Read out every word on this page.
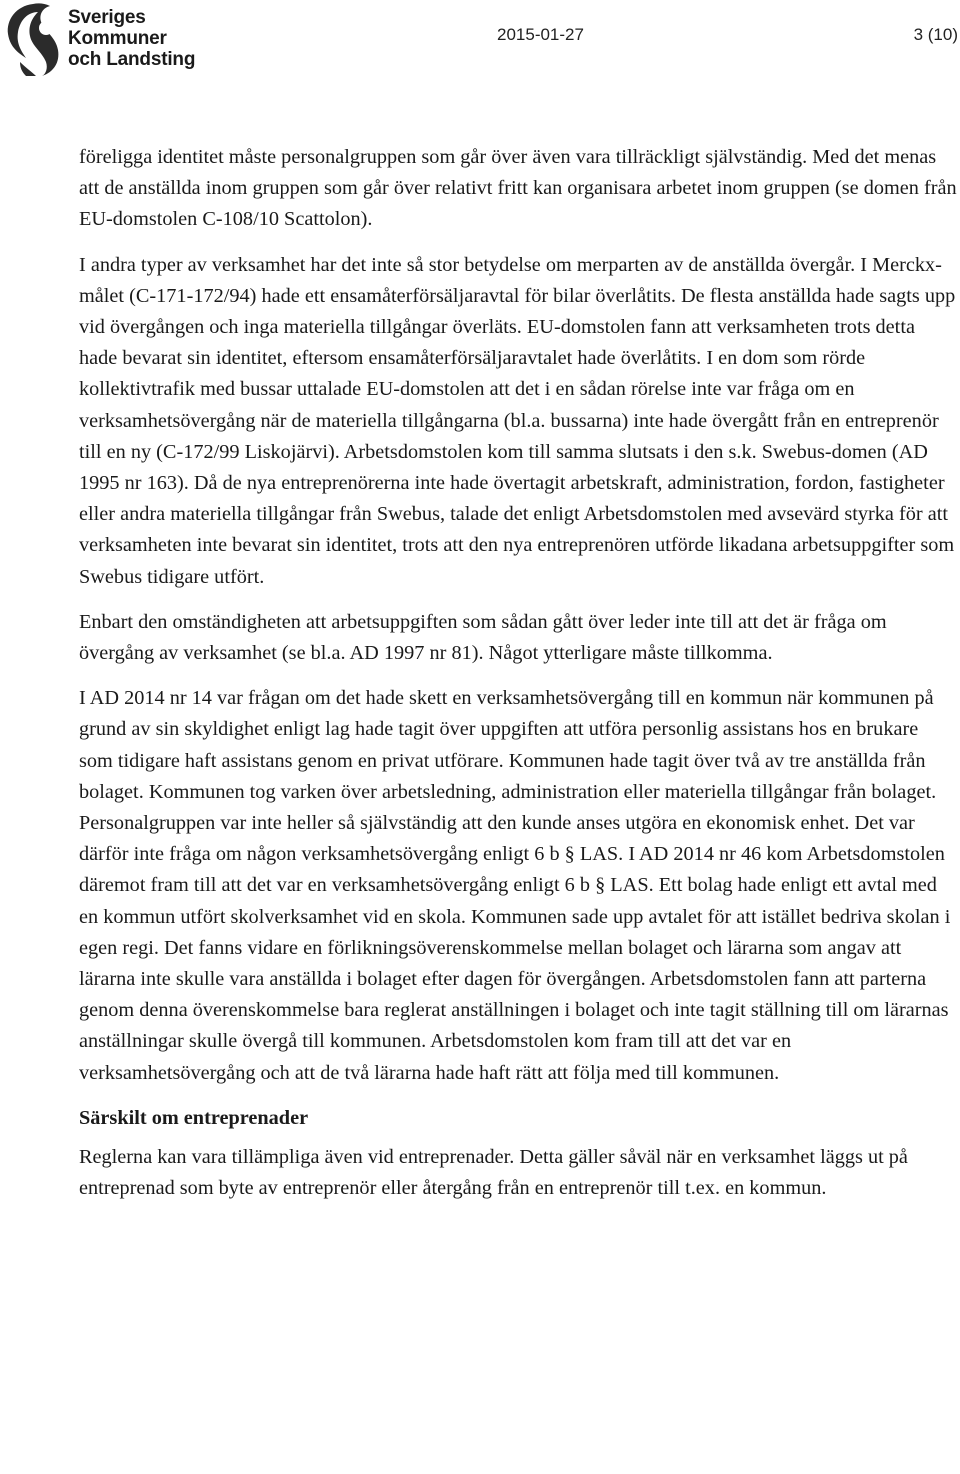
Sveriges
Kommuner
och Landsting
2015-01-27	3 (10)

föreligga identitet måste personalgruppen som går över även vara tillräckligt självständig. Med det menas att de anställda inom gruppen som går över relativt fritt kan organisara arbetet inom gruppen (se domen från EU-domstolen C-108/10 Scattolon).

I andra typer av verksamhet har det inte så stor betydelse om merparten av de anställda övergår. I Merckx-målet (C-171-172/94) hade ett ensamåterförsäljaravtal för bilar överlåtits. De flesta anställda hade sagts upp vid övergången och inga materiella tillgångar överläts. EU-domstolen fann att verksamheten trots detta hade bevarat sin identitet, eftersom ensamåterförsäljaravtalet hade överlåtits. I en dom som rörde kollektivtrafik med bussar uttalade EU-domstolen att det i en sådan rörelse inte var fråga om en verksamhetsövergång när de materiella tillgångarna (bl.a. bussarna) inte hade övergått från en entreprenör till en ny (C-172/99 Liskojärvi). Arbetsdomstolen kom till samma slutsats i den s.k. Swebus-domen (AD 1995 nr 163). Då de nya entreprenörerna inte hade övertagit arbetskraft, administration, fordon, fastigheter eller andra materiella tillgångar från Swebus, talade det enligt Arbetsdomstolen med avsevärd styrka för att verksamheten inte bevarat sin identitet, trots att den nya entreprenören utförde likadana arbetsuppgifter som Swebus tidigare utfört.

Enbart den omständigheten att arbetsuppgiften som sådan gått över leder inte till att det är fråga om övergång av verksamhet (se bl.a. AD 1997 nr 81). Något ytterligare måste tillkomma.

I AD 2014 nr 14 var frågan om det hade skett en verksamhetsövergång till en kommun när kommunen på grund av sin skyldighet enligt lag hade tagit över uppgiften att utföra personlig assistans hos en brukare som tidigare haft assistans genom en privat utförare. Kommunen hade tagit över två av tre anställda från bolaget. Kommunen tog varken över arbetsledning, administration eller materiella tillgångar från bolaget. Personalgruppen var inte heller så självständig att den kunde anses utgöra en ekonomisk enhet. Det var därför inte fråga om någon verksamhetsövergång enligt 6 b § LAS. I AD 2014 nr 46 kom Arbetsdomstolen däremot fram till att det var en verksamhetsövergång enligt 6 b § LAS. Ett bolag hade enligt ett avtal med en kommun utfört skolverksamhet vid en skola. Kommunen sade upp avtalet för att istället bedriva skolan i egen regi. Det fanns vidare en förlikningsöverenskommelse mellan bolaget och lärarna som angav att lärarna inte skulle vara anställda i bolaget efter dagen för övergången. Arbetsdomstolen fann att parterna genom denna överenskommelse bara reglerat anställningen i bolaget och inte tagit ställning till om lärarnas anställningar skulle övergå till kommunen. Arbetsdomstolen kom fram till att det var en verksamhetsövergång och att de två lärarna hade haft rätt att följa med till kommunen.

Särskilt om entreprenader

Reglerna kan vara tillämpliga även vid entreprenader. Detta gäller såväl när en verksamhet läggs ut på entreprenad som byte av entreprenör eller återgång från en entreprenör till t.ex. en kommun.
